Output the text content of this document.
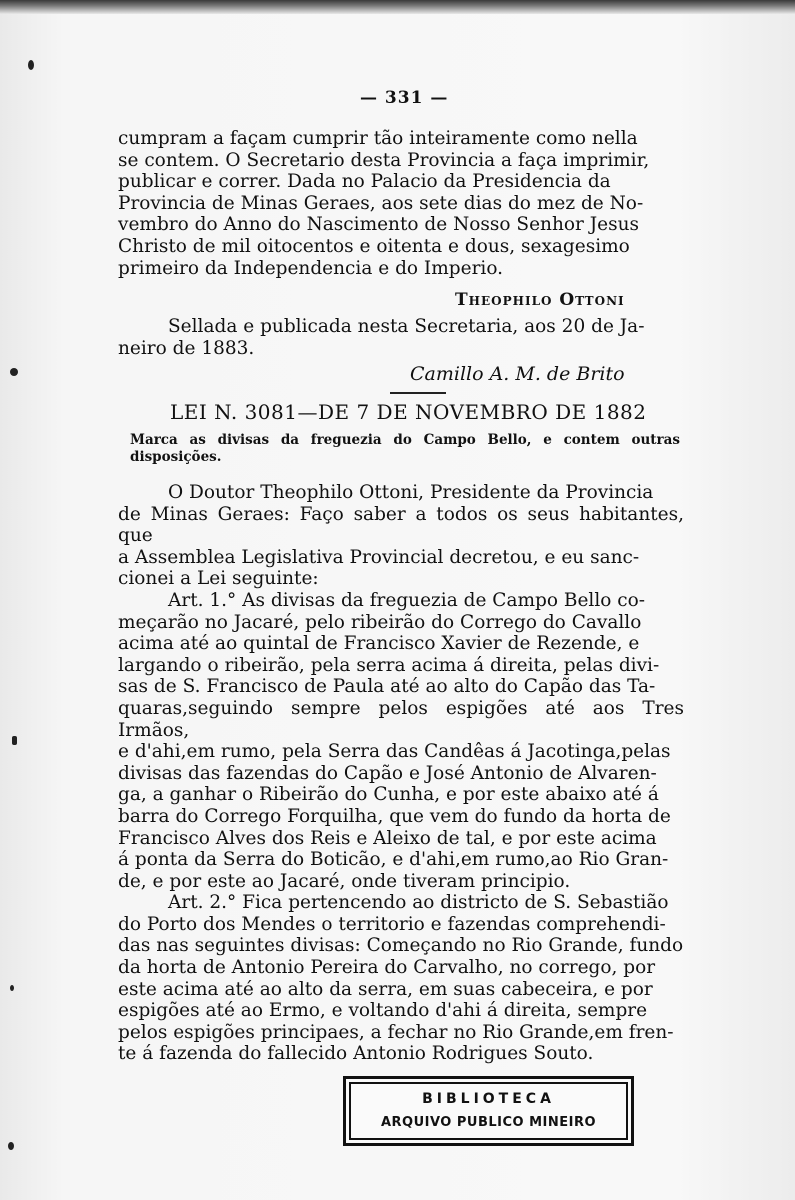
— 331 —

cumpram a façam cumprir tão inteiramente como nella

se contem. O Secretario desta Provincia a faça imprimir,

publicar e correr. Dada no Palacio da Presidencia da

Provincia de Minas Geraes, aos sete dias do mez de No-

vembro do Anno do Nascimento de Nosso Senhor Jesus

Christo de mil oitocentos e oitenta e dous, sexagesimo

primeiro da Independencia e do Imperio.

Theophilo Ottoni

Sellada e publicada nesta Secretaria, aos 20 de Ja-

neiro de 1883.

Camillo A. M. de Brito
LEI N. 3081—DE 7 DE NOVEMBRO DE 1882
Marca as divisas da freguezia do Campo Bello, e contem outras disposições.

O Doutor Theophilo Ottoni, Presidente da Provincia

de Minas Geraes: Faço saber a todos os seus habitantes, que

a Assemblea Legislativa Provincial decretou, e eu sanc-

cionei a Lei seguinte:

Art. 1.° As divisas da freguezia de Campo Bello co-

meçarão no Jacaré, pelo ribeirão do Corrego do Cavallo

acima até ao quintal de Francisco Xavier de Rezende, e

largando o ribeirão, pela serra acima á direita, pelas divi-

sas de S. Francisco de Paula até ao alto do Capão das Ta-

quaras,seguindo sempre pelos espigões até aos Tres Irmãos,

e d'ahi,em rumo, pela Serra das Candêas á Jacotinga,pelas

divisas das fazendas do Capão e José Antonio de Alvaren-

ga, a ganhar o Ribeirão do Cunha, e por este abaixo até á

barra do Corrego Forquilha, que vem do fundo da horta de

Francisco Alves dos Reis e Aleixo de tal, e por este acima

á ponta da Serra do Boticão, e d'ahi,em rumo,ao Rio Gran-

de, e por este ao Jacaré, onde tiveram principio.

Art. 2.° Fica pertencendo ao districto de S. Sebastião

do Porto dos Mendes o territorio e fazendas comprehendi-

das nas seguintes divisas: Começando no Rio Grande, fundo

da horta de Antonio Pereira do Carvalho, no corrego, por

este acima até ao alto da serra, em suas cabeceira, e por

espigões até ao Ermo, e voltando d'ahi á direita, sempre

pelos espigões principaes, a fechar no Rio Grande,em fren-

te á fazenda do fallecido Antonio Rodrigues Souto.

BIBLIOTECA
ARQUIVO PUBLICO MINEIRO
